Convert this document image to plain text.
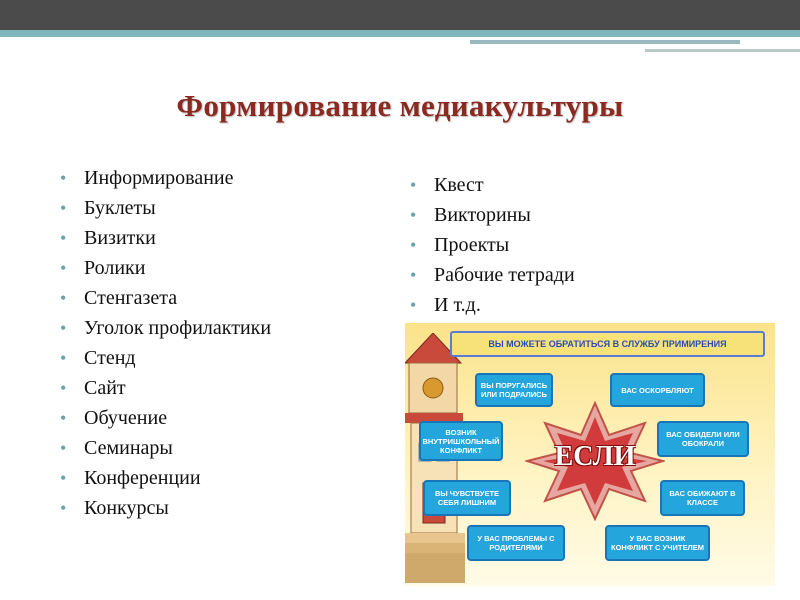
Формирование медиакультуры
• Информирование
• Буклеты
• Визитки
• Ролики
• Стенгазета
• Уголок профилактики
• Стенд
• Сайт
• Обучение
• Семинары
• Конференции
• Конкурсы
• Квест
• Викторины
• Проекты
• Рабочие тетради
• И т.д.
ВЫ МОЖЕТЕ ОБРАТИТЬСЯ В СЛУЖБУ ПРИМИРЕНИЯ
ВЫ ПОРУГАЛИСЬ ИЛИ ПОДРАЛИСЬ	ВАС ОСКОРБЛЯЮТ
ВОЗНИК ВНУТРИШКОЛЬНЫЙ КОНФЛИКТ
ВАС ОБИДЕЛИ ИЛИ ОБОКРАЛИ
ВЫ ЧУВСТВУЕТЕ СЕБЯ ЛИШНИМ
ВАС ОБИЖАЮТ В КЛАССЕ
У ВАС ПРОБЛЕМЫ С РОДИТЕЛЯМИ
У ВАС ВОЗНИК КОНФЛИКТ С УЧИТЕЛЕМ
ЕСЛИ
